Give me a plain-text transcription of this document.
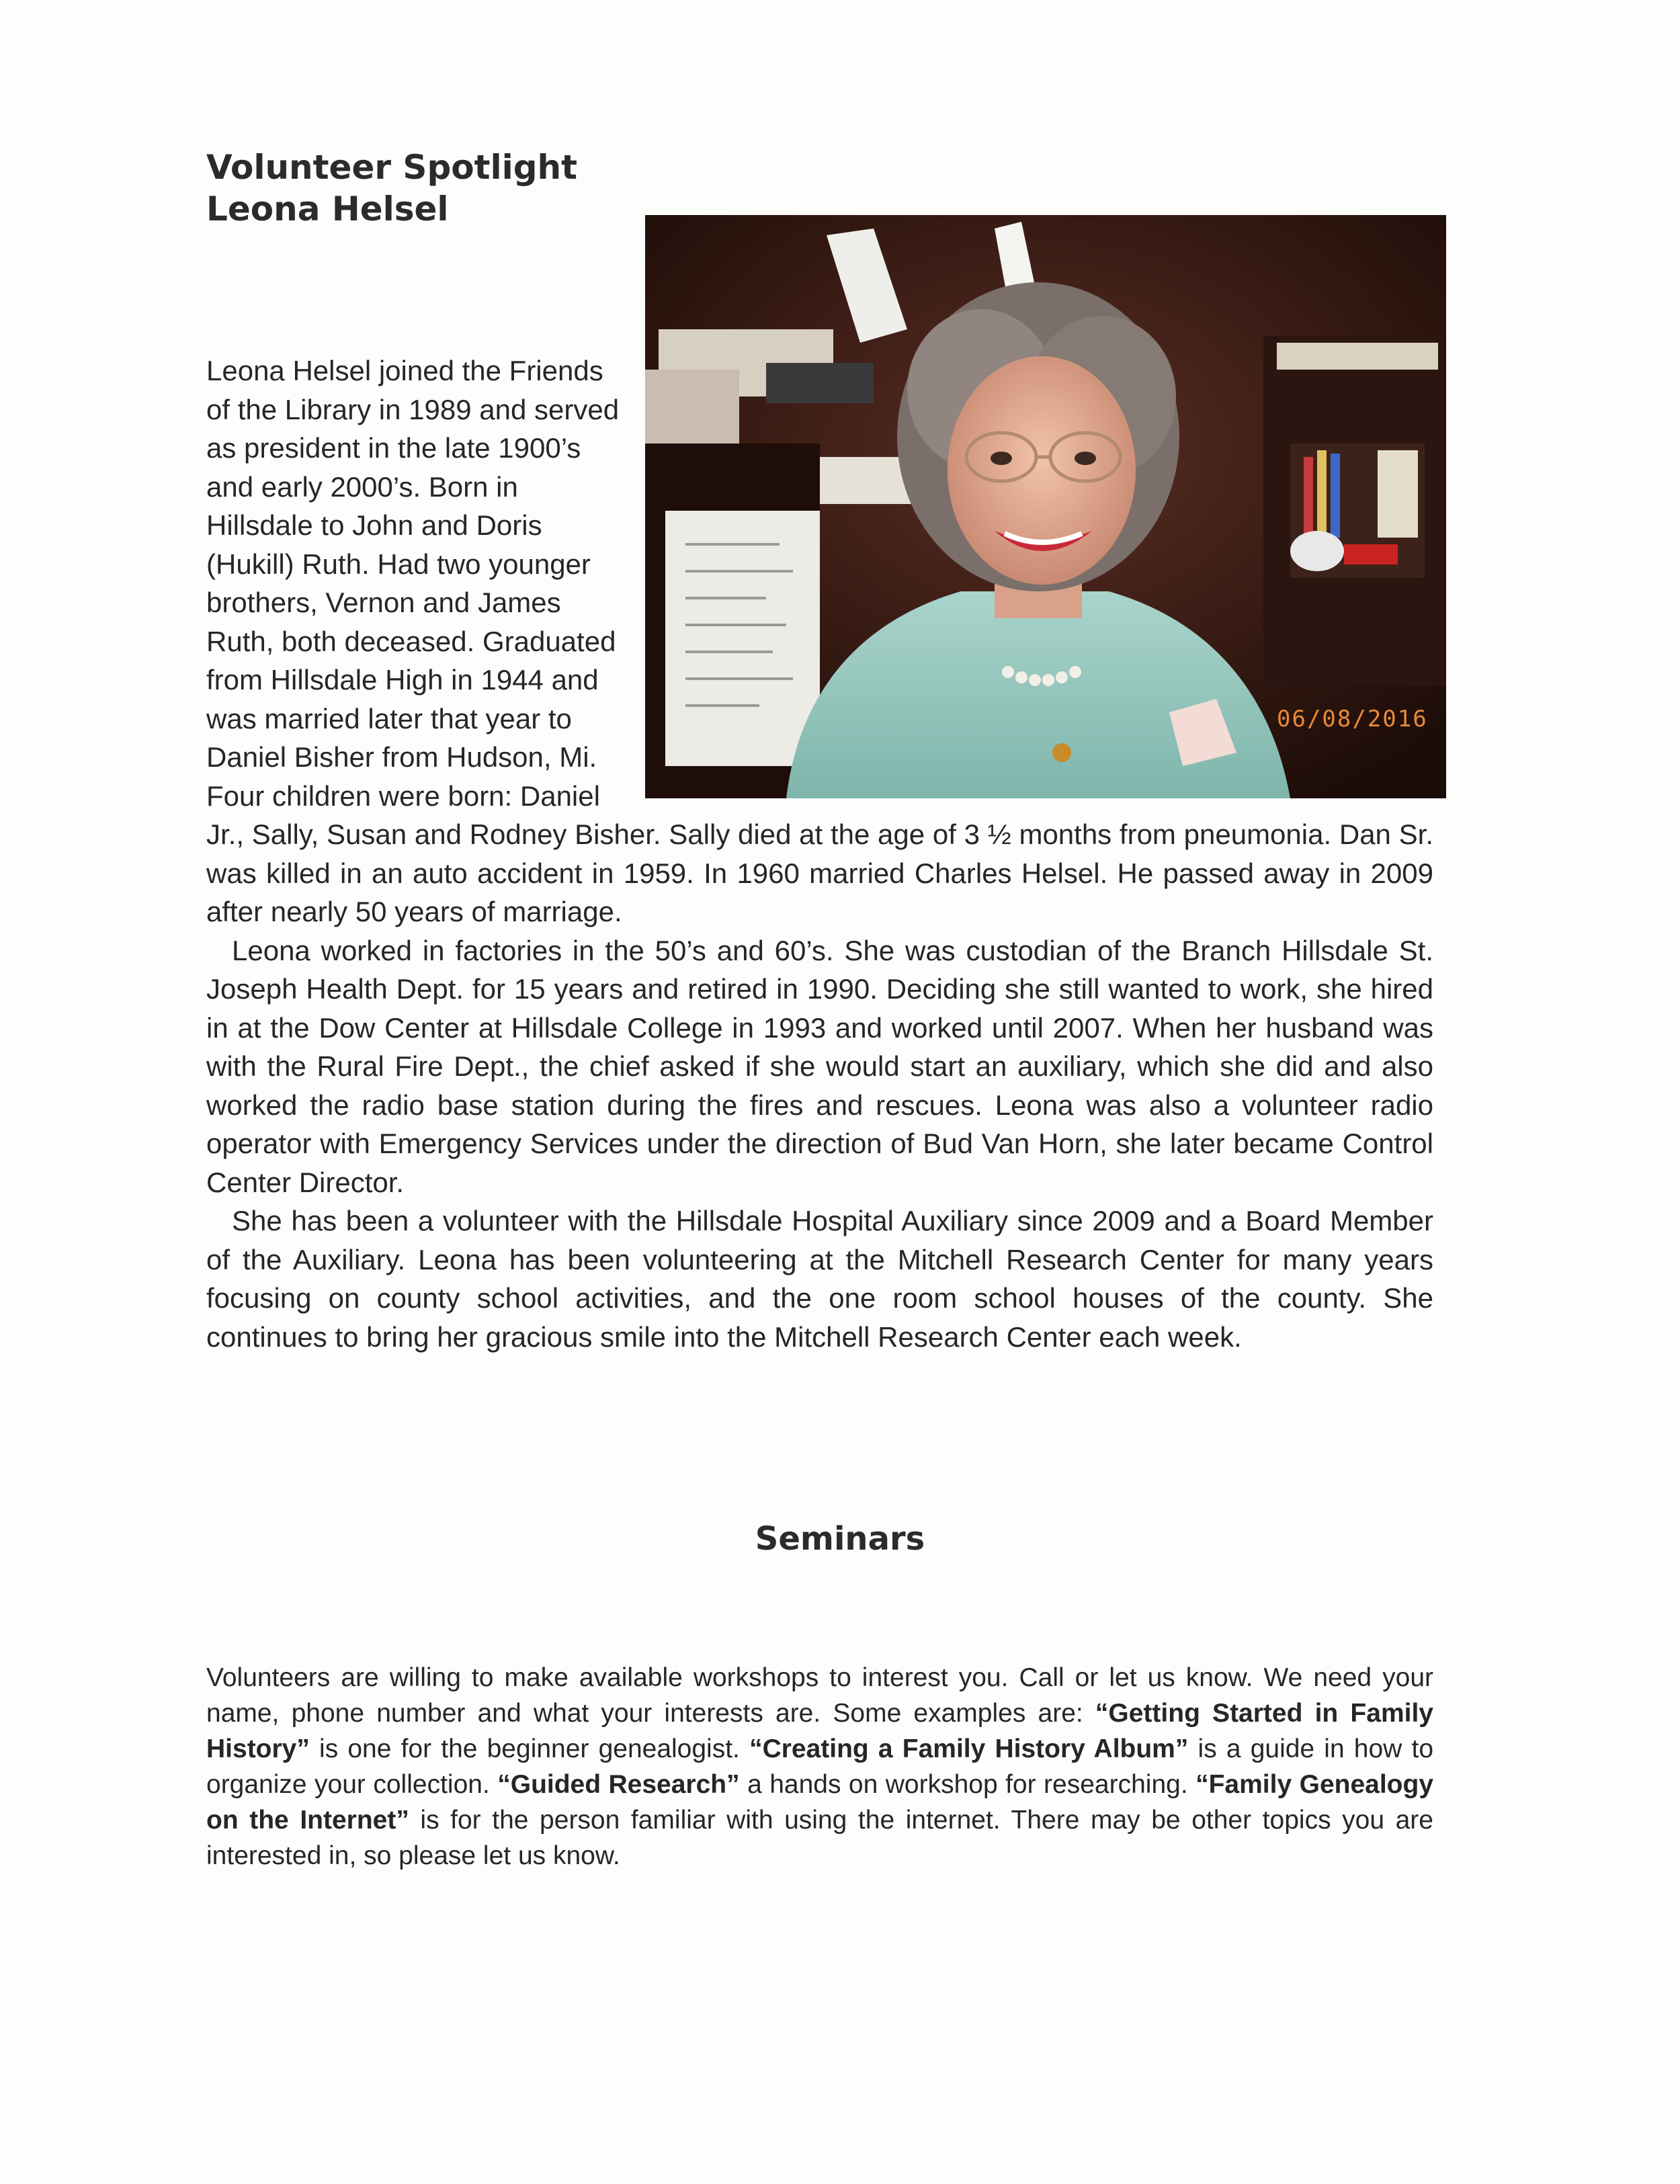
Volunteer Spotlight
Leona Helsel
06/08/2016
Leona Helsel joined the Friends
of the Library in 1989 and served
as president in the late 1900’s
and early 2000’s. Born in
Hillsdale to John and Doris
(Hukill) Ruth. Had two younger
brothers, Vernon and James
Ruth, both deceased. Graduated
from Hillsdale High in 1944 and
was married later that year to
Daniel Bisher from Hudson, Mi.
Four children were born: Daniel

Jr., Sally, Susan and Rodney Bisher. Sally died at the age of 3 ½ months from pneumonia. Dan Sr. was killed in an auto accident in 1959. In 1960 married Charles Helsel. He passed away in 2009 after nearly 50 years of marriage.

Leona worked in factories in the 50’s and 60’s. She was custodian of the Branch Hillsdale St. Joseph Health Dept. for 15 years and retired in 1990. Deciding she still wanted to work, she hired in at the Dow Center at Hillsdale College in 1993 and worked until 2007. When her husband was with the Rural Fire Dept., the chief asked if she would start an auxiliary, which she did and also worked the radio base station during the fires and rescues. Leona was also a volunteer radio operator with Emergency Services under the direction of Bud Van Horn, she later became Control Center Director.

She has been a volunteer with the Hillsdale Hospital Auxiliary since 2009 and a Board Member of the Auxiliary. Leona has been volunteering at the Mitchell Research Center for many years focusing on county school activities, and the one room school houses of the county. She continues to bring her gracious smile into the Mitchell Research Center each week.

Seminars

Volunteers are willing to make available workshops to interest you. Call or let us know. We need your name, phone number and what your interests are. Some examples are: “Getting Started in Family History” is one for the beginner genealogist. “Creating a Family History Album” is a guide in how to organize your collection. “Guided Research” a hands on workshop for researching. “Family Genealogy on the Internet” is for the person familiar with using the internet. There may be other topics you are interested in, so please let us know.
